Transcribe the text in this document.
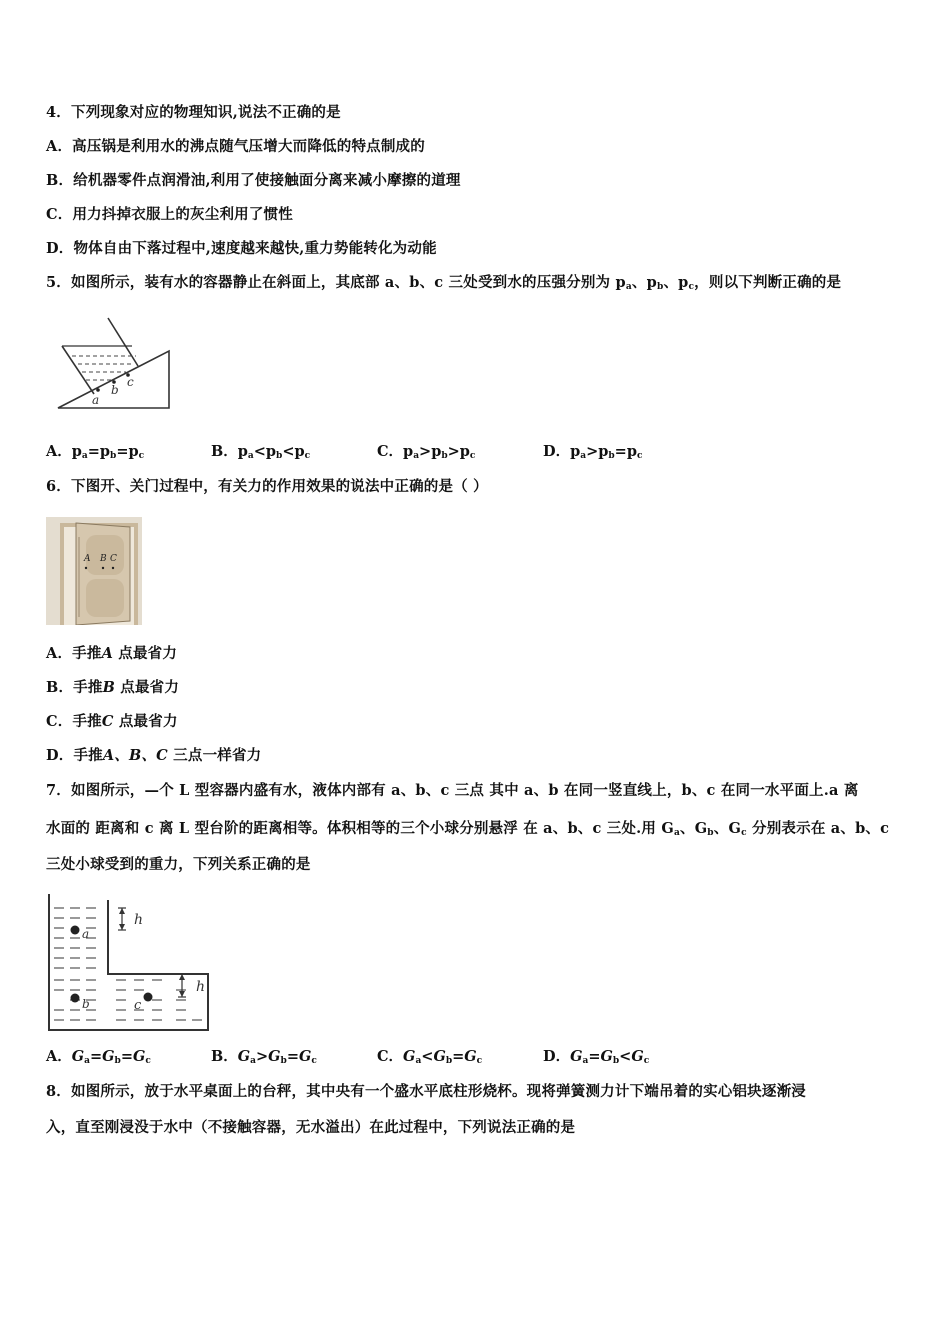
4．下列现象对应的物理知识,说法不正确的是
A．高压锅是利用水的沸点随气压增大而降低的特点制成的
B．给机器零件点润滑油,利用了使接触面分离来减小摩擦的道理
C．用力抖掉衣服上的灰尘利用了惯性
D．物体自由下落过程中,速度越来越快,重力势能转化为动能
5．如图所示，装有水的容器静止在斜面上，其底部 a、b、c 三处受到水的压强分别为 $p_a$、$p_b$、$p_c$，则以下判断正确的是
a
b
c
A．$p_a=p_b=p_c$	B．$p_a<p_b<p_c$	C．$p_a>p_b>p_c$	D．$p_a>p_b=p_c$
6．下图开、关门过程中，有关力的作用效果的说法中正确的是（ ）
A B C
A．手推A 点最省力
B．手推B 点最省力
C．手推C 点最省力
D．手推A、B、C 三点一样省力
7．如图所示，—个 L 型容器内盛有水，液体内部有 a、b、c 三点 其中 a、b 在同一竖直线上，b、c 在同一水平面上.a 离
水面的 距离和 c 离 L 型台阶的距离相等。体积相等的三个小球分别悬浮 在 a、b、c 三处.用 $G_a$、$G_b$、$G_c$ 分别表示在 a、b、c
三处小球受到的重力，下列关系正确的是
a
b	c
h
h
A．$G_a=G_b=G_c$	B．$G_a>G_b=G_c$	C．$G_a<G_b=G_c$	D．$G_a=G_b<G_c$
8．如图所示，放于水平桌面上的台秤，其中央有一个盛水平底柱形烧杯。现将弹簧测力计下端吊着的实心铝块逐渐浸
入，直至刚浸没于水中（不接触容器，无水溢出）在此过程中，下列说法正确的是
